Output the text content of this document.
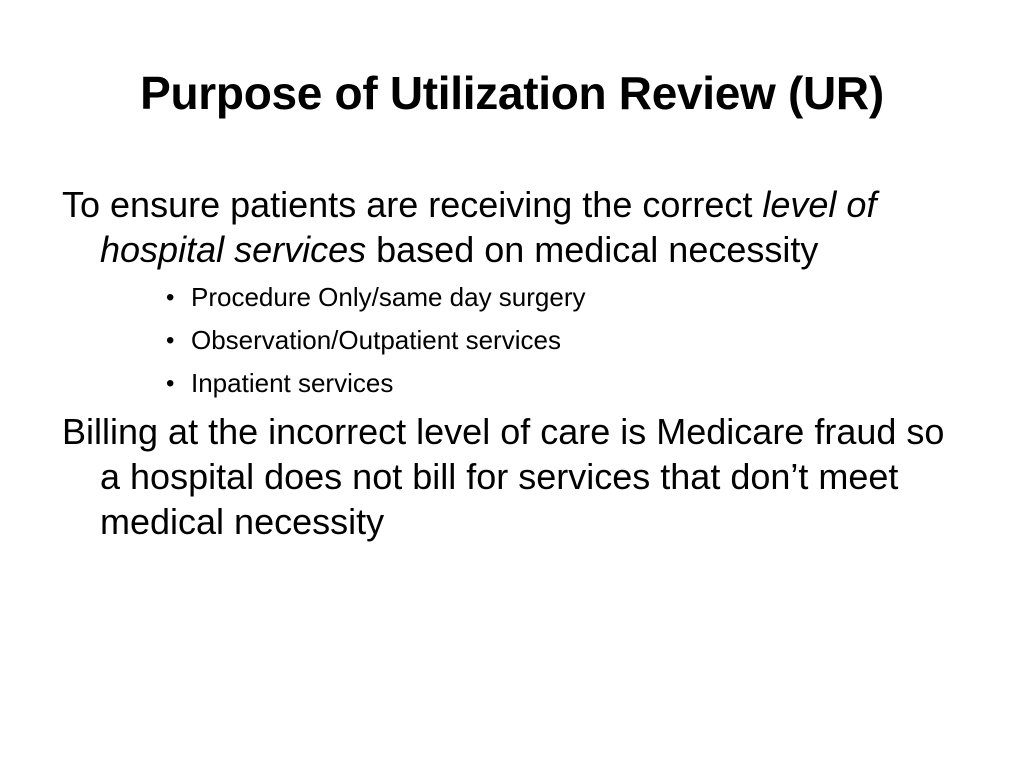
Purpose of Utilization Review (UR)

To ensure patients are receiving the correct level of hospital services based on medical necessity

• Procedure Only/same day surgery
• Observation/Outpatient services
• Inpatient services

Billing at the incorrect level of care is Medicare fraud so a hospital does not bill for services that don’t meet medical necessity
